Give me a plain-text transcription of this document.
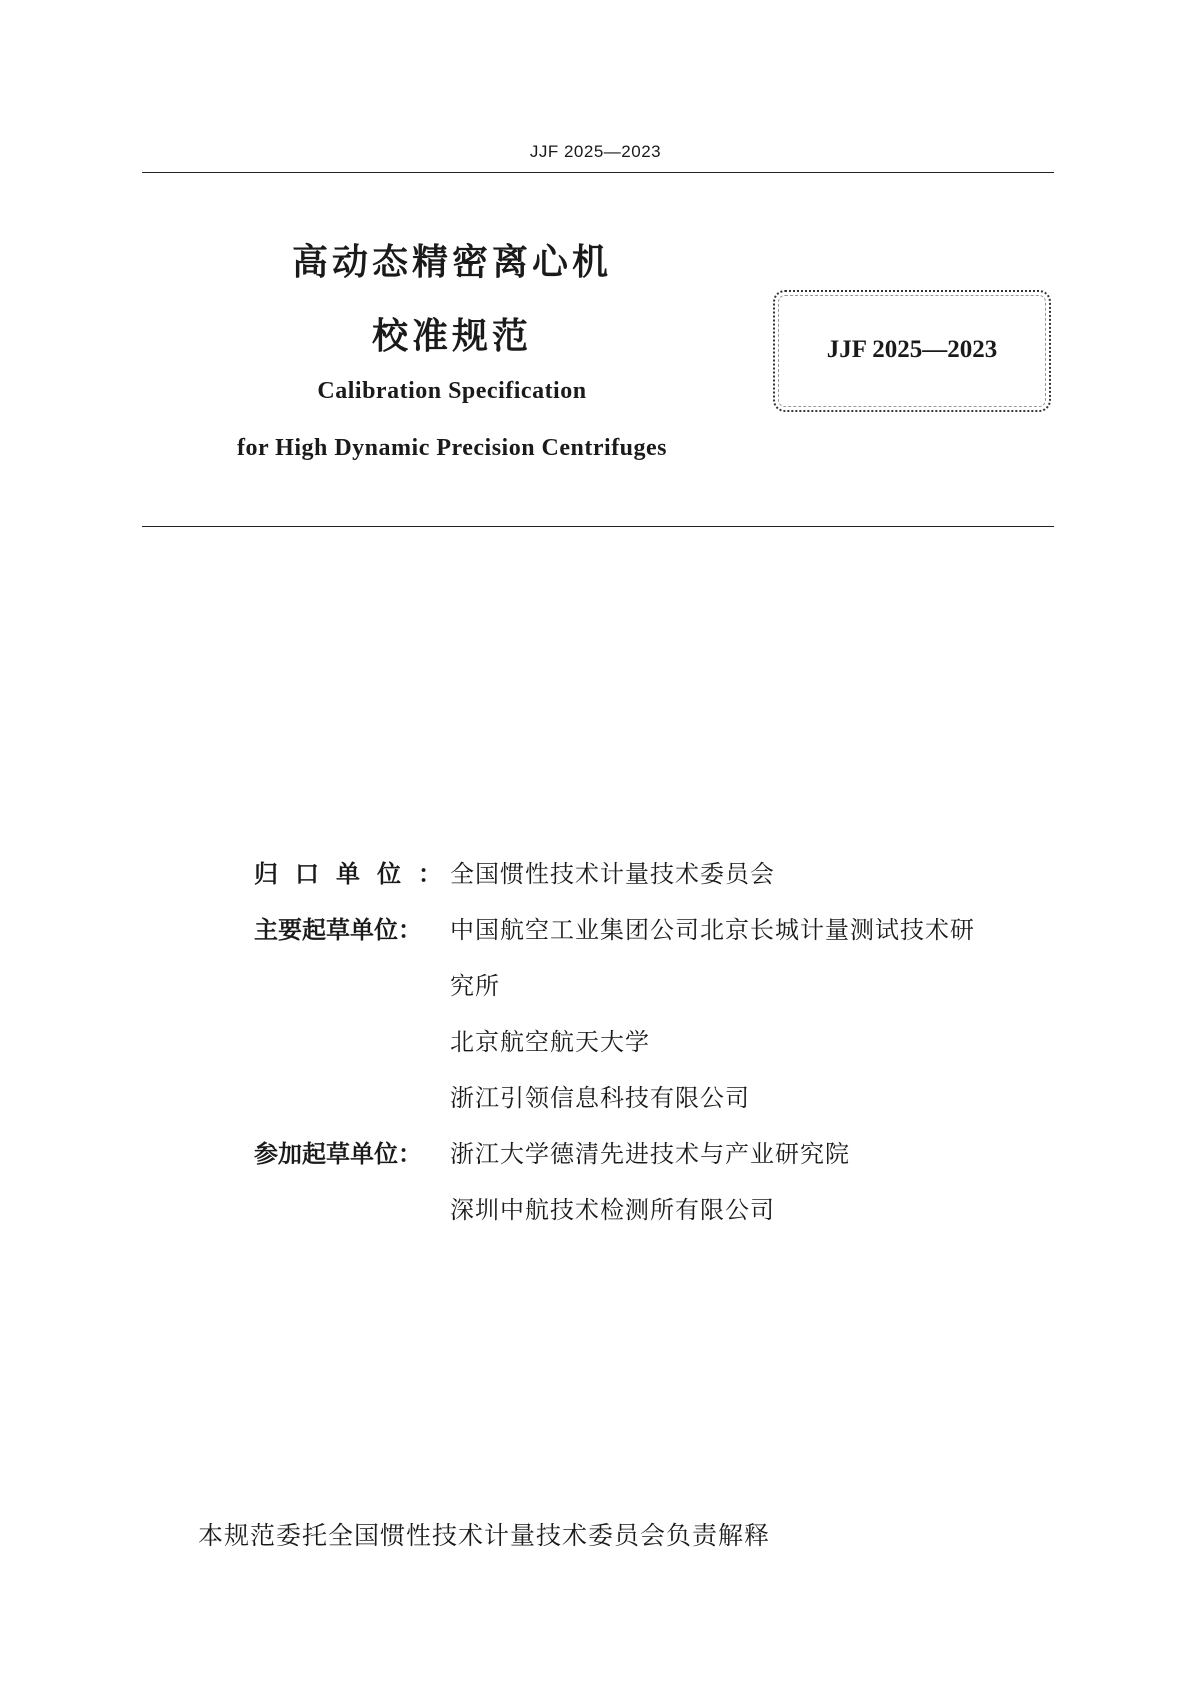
JJF 2025—2023
高动态精密离心机
校准规范
Calibration Specification
for High Dynamic Precision Centrifuges
JJF 2025—2023
归口单位： 全国惯性技术计量技术委员会
主要起草单位：	中国航空工业集团公司北京长城计量测试技术研
究所
北京航空航天大学
浙江引领信息科技有限公司
参加起草单位：	浙江大学德清先进技术与产业研究院
深圳中航技术检测所有限公司
本规范委托全国惯性技术计量技术委员会负责解释
